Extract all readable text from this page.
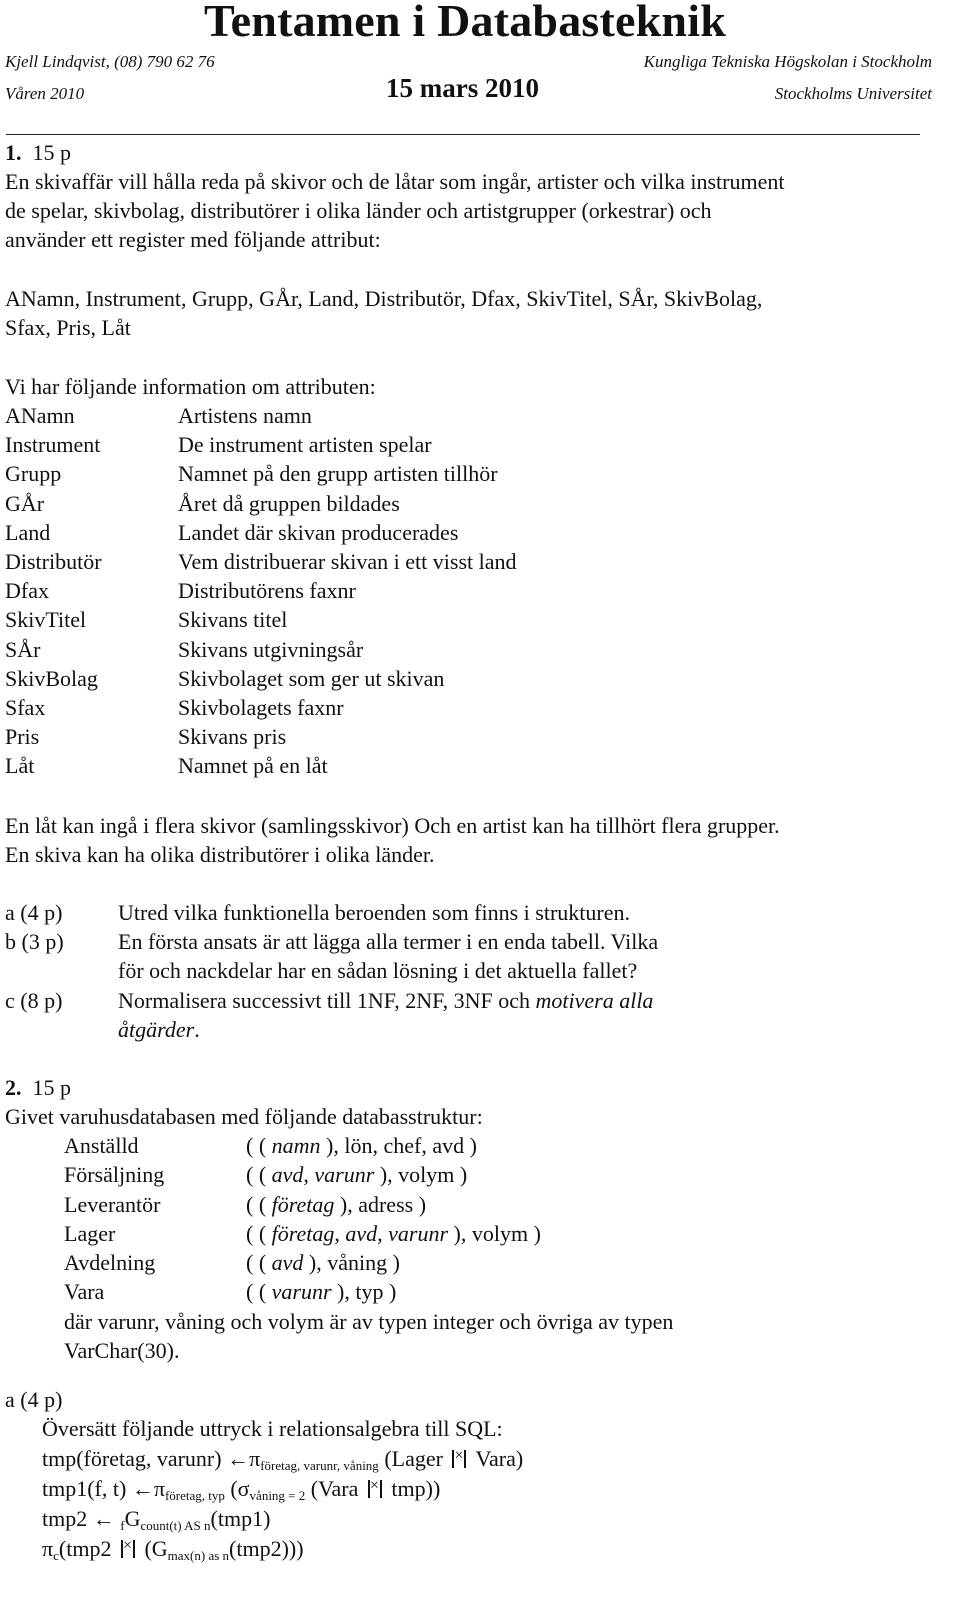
Tentamen i Databasteknik
Kjell Lindqvist, (08) 790 62 76	Kungliga Tekniska Högskolan i Stockholm
Våren 2010	15 mars 2010	Stockholms Universitet
1. 15 p
En skivaffär vill hålla reda på skivor och de låtar som ingår, artister och vilka instrument
de spelar, skivbolag, distributörer i olika länder och artistgrupper (orkestrar) och
använder ett register med följande attribut:
ANamn, Instrument, Grupp, GÅr, Land, Distributör, Dfax, SkivTitel, SÅr, SkivBolag,
Sfax, Pris, Låt
Vi har följande information om attributen:
ANamn	Artistens namn
Instrument	De instrument artisten spelar
Grupp	Namnet på den grupp artisten tillhör
GÅr	Året då gruppen bildades
Land	Landet där skivan producerades
Distributör	Vem distribuerar skivan i ett visst land
Dfax	Distributörens faxnr
SkivTitel	Skivans titel
SÅr	Skivans utgivningsår
SkivBolag	Skivbolaget som ger ut skivan
Sfax	Skivbolagets faxnr
Pris	Skivans pris
Låt	Namnet på en låt
En låt kan ingå i flera skivor (samlingsskivor) Och en artist kan ha tillhört flera grupper.
En skiva kan ha olika distributörer i olika länder.
a (4 p)	Utred vilka funktionella beroenden som finns i strukturen.
b (3 p) En första ansats är att lägga alla termer i en enda tabell. Vilka
för och nackdelar har en sådan lösning i det aktuella fallet?
c (8 p)	Normalisera successivt till 1NF, 2NF, 3NF och motivera alla
åtgärder.
2. 15 p
Givet varuhusdatabasen med följande databasstruktur:
Anställd	( ( namn ), lön, chef, avd )
Försäljning	( ( avd, varunr ), volym )
Leverantör	( ( företag ), adress )
Lager	( ( företag, avd, varunr ), volym )
Avdelning	( ( avd ), våning )
Vara	( ( varunr ), typ )
där varunr, våning och volym är av typen integer och övriga av typen
VarChar(30).
a (4 p)
Översätt följande uttryck i relationsalgebra till SQL:
tmp(företag, varunr) $\leftarrow\pi_{företag, varunr, våning}$ (Lager × Vara)
tmp1(f, t) $\leftarrow\pi_{företag, typ}$ ($\sigma_{våning = 2}$ (Vara × tmp))
tmp2 ← $_fG_{count(t) AS n}(tmp1)$
$\pi_c(tmp2 \times (G_{max(n) as n}(tmp2)))$
